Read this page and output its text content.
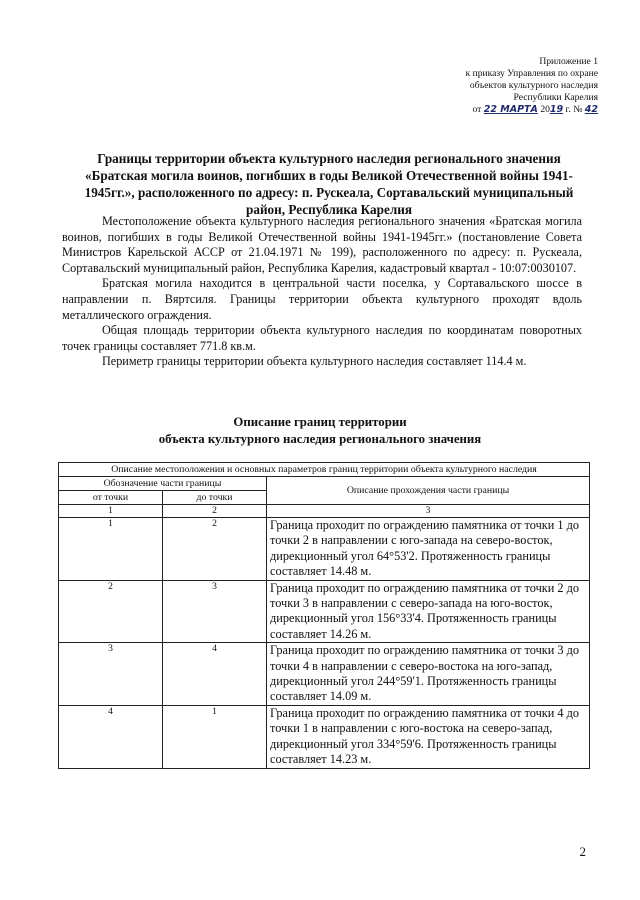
Приложение 1
к приказу Управления по охране
объектов культурного наследия
Республики Карелия
от 22 МАРТА 2019 г. № 42
Границы территории объекта культурного наследия регионального значения «Братская могила воинов, погибших в годы Великой Отечественной войны 1941-1945гг.», расположенного по адресу: п. Рускеала, Сортавальский муниципальный район, Республика Карелия

Местоположение объекта культурного наследия регионального значения «Братская могила воинов, погибших в годы Великой Отечественной войны 1941-1945гг.» (постановление Совета Министров Карельской АССР от 21.04.1971 № 199), расположенного по адресу: п. Рускеала, Сортавальский муниципальный район, Республика Карелия, кадастровый квартал - 10:07:0030107.

Братская могила находится в центральной части поселка, у Сортавальского шоссе в направлении п. Вяртсиля. Границы территории объекта культурного проходят вдоль металлического ограждения.

Общая площадь территории объекта культурного наследия по координатам поворотных точек границы составляет 771.8 кв.м.

Периметр границы территории объекта культурного наследия составляет 114.4 м.

Описание границ территории
объекта культурного наследия регионального значения
Описание местоположения и основных параметров границ территории объекта культурного наследия		
Обозначение части границы		Описание прохождения части границы
от точки	до точки	
1	2	3
1	2	Граница проходит по ограждению памятника от точки 1 до точки 2 в направлении с юго-запада на северо-восток, дирекционный угол 64°53'2. Протяженность границы составляет 14.48 м.
2	3	Граница проходит по ограждению памятника от точки 2 до точки 3 в направлении с северо-запада на юго-восток, дирекционный угол 156°33'4. Протяженность границы составляет 14.26 м.
3	4	Граница проходит по ограждению памятника от точки 3 до точки 4 в направлении с северо-востока на юго-запад, дирекционный угол 244°59'1. Протяженность границы составляет 14.09 м.
4	1	Граница проходит по ограждению памятника от точки 4 до точки 1 в направлении с юго-востока на северо-запад, дирекционный угол 334°59'6. Протяженность границы составляет 14.23 м.
2
